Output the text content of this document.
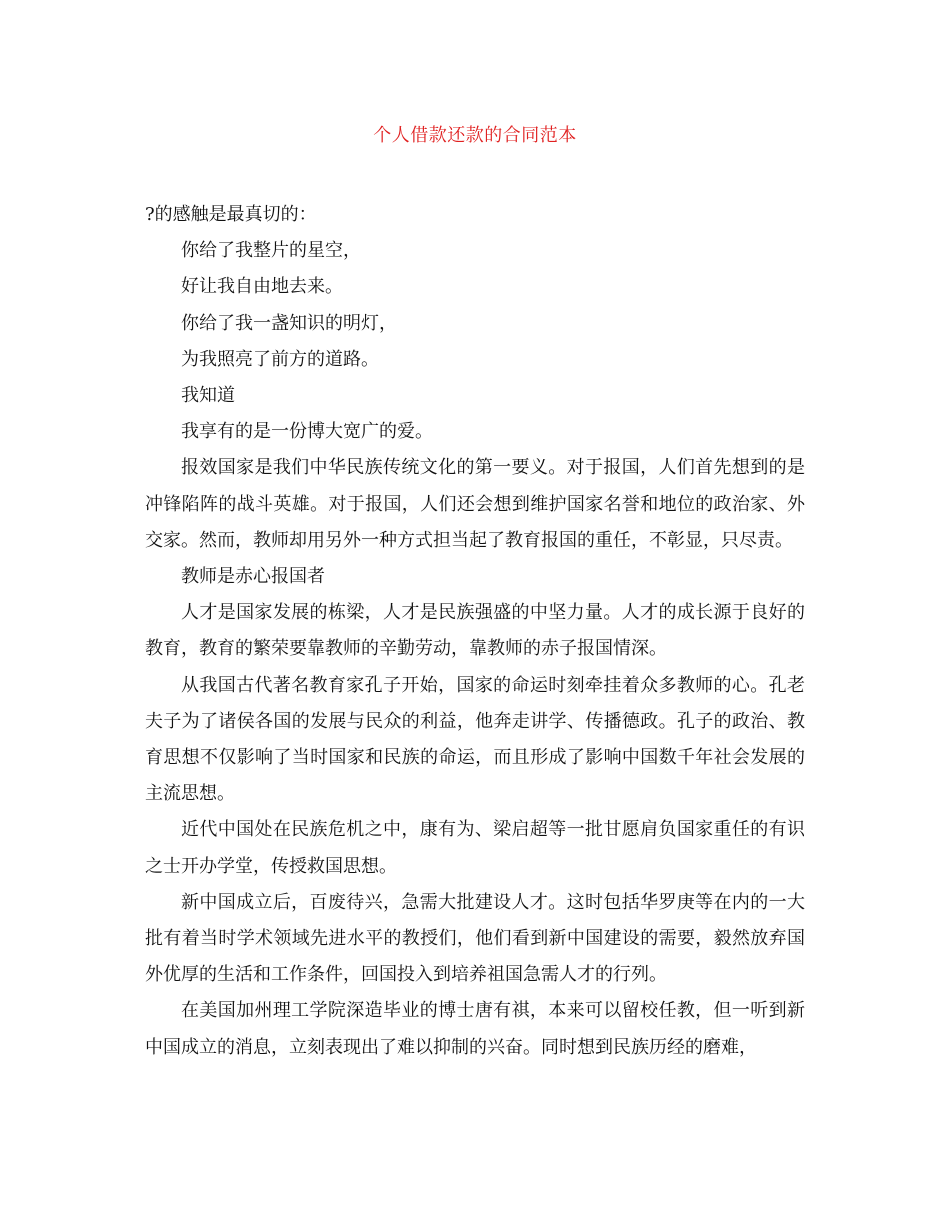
个人借款还款的合同范本

?的感触是最真切的：

你给了我整片的星空，

好让我自由地去来。

你给了我一盏知识的明灯，

为我照亮了前方的道路。

我知道

我享有的是一份博大宽广的爱。

报效国家是我们中华民族传统文化的第一要义。对于报国，人们首先想到的是冲锋陷阵的战斗英雄。对于报国，人们还会想到维护国家名誉和地位的政治家、外交家。然而，教师却用另外一种方式担当起了教育报国的重任，不彰显，只尽责。

教师是赤心报国者

人才是国家发展的栋梁，人才是民族强盛的中坚力量。人才的成长源于良好的教育，教育的繁荣要靠教师的辛勤劳动，靠教师的赤子报国情深。

从我国古代著名教育家孔子开始，国家的命运时刻牵挂着众多教师的心。孔老夫子为了诸侯各国的发展与民众的利益，他奔走讲学、传播德政。孔子的政治、教育思想不仅影响了当时国家和民族的命运，而且形成了影响中国数千年社会发展的主流思想。

近代中国处在民族危机之中，康有为、梁启超等一批甘愿肩负国家重任的有识之士开办学堂，传授救国思想。

新中国成立后，百废待兴，急需大批建设人才。这时包括华罗庚等在内的一大批有着当时学术领域先进水平的教授们，他们看到新中国建设的需要，毅然放弃国外优厚的生活和工作条件，回国投入到培养祖国急需人才的行列。

在美国加州理工学院深造毕业的博士唐有祺，本来可以留校任教，但一听到新中国成立的消息，立刻表现出了难以抑制的兴奋。同时想到民族历经的磨难，
